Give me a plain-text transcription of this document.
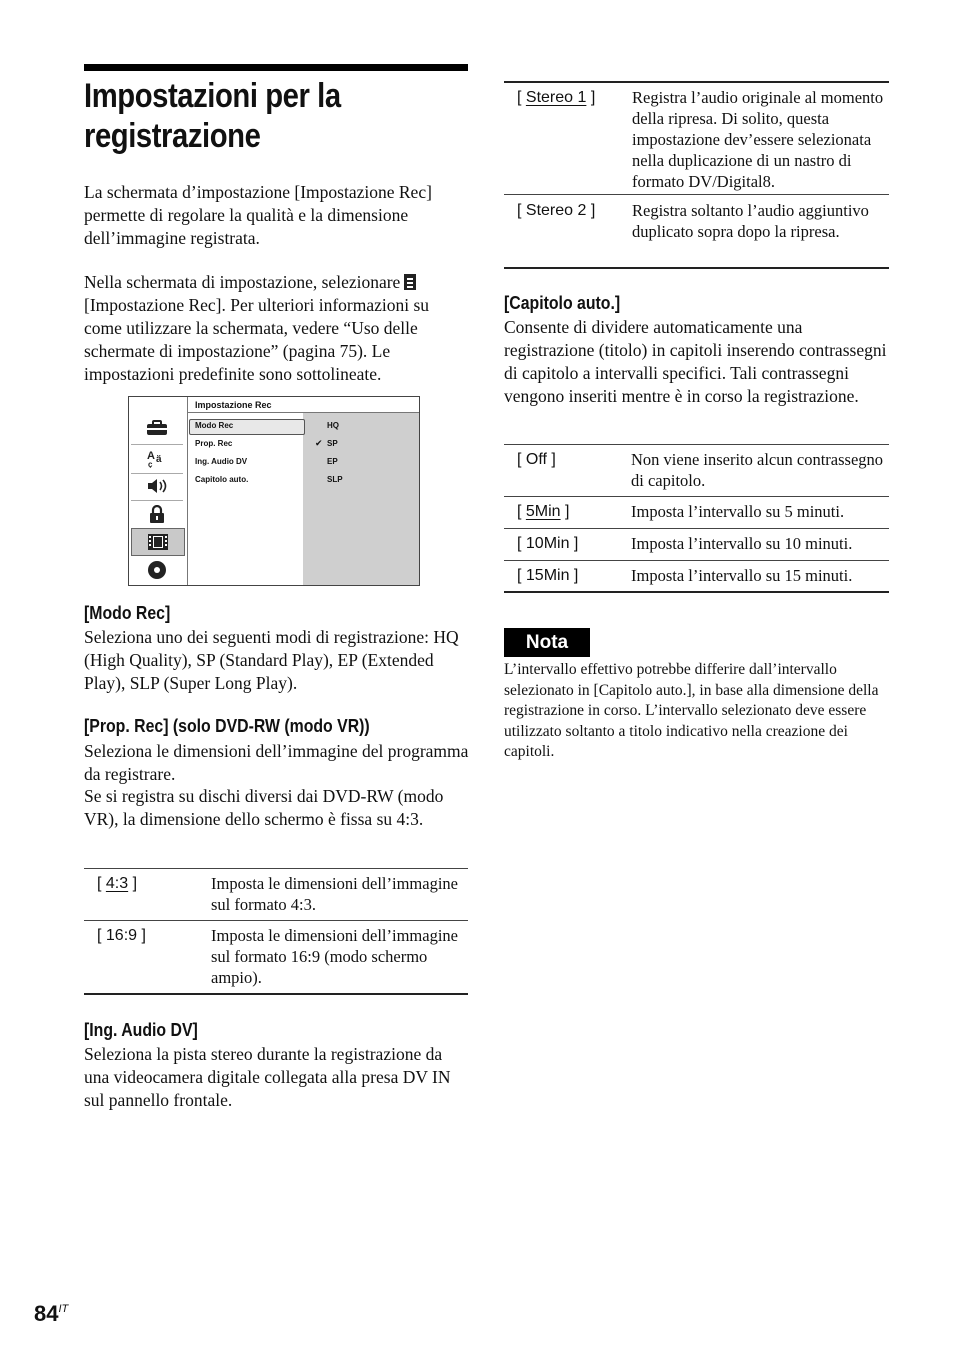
Impostazioni per la registrazione

La schermata d’impostazione [Impostazione Rec] permette di regolare la qualità e la dimensione dell’immagine registrata.

Nella schermata di impostazione, selezionare [Impostazione Rec]. Per ulteriori informazioni su come utilizzare la schermata, vedere “Uso delle schermate di impostazione” (pagina 75). Le impostazioni predefinite sono sottolineate.

A ä
ç
Impostazione Rec
Modo Rec
Prop. Rec
Ing. Audio DV
Capitolo auto.
✔
HQ
SP
EP
SLP
[Modo Rec]

Seleziona uno dei seguenti modi di registrazione: HQ (High Quality), SP (Standard Play), EP (Extended Play), SLP (Super Long Play).

[Prop. Rec] (solo DVD-RW (modo VR))

Seleziona le dimensioni dell’immagine del programma da registrare.

Se si registra su dischi diversi dai DVD-RW (modo VR), la dimensione dello schermo è fissa su 4:3.

[ 4:3 ]	Imposta le dimensioni dell’immagine sul formato 4:3.
[ 16:9 ]	Imposta le dimensioni dell’immagine sul formato 16:9 (modo schermo ampio).
[Ing. Audio DV]

Seleziona la pista stereo durante la registrazione da una videocamera digitale collegata alla presa DV IN sul pannello frontale.

[ Stereo 1 ] Registra l’audio originale al momento della ripresa. Di solito, questa impostazione dev’essere selezionata nella duplicazione di un nastro di formato DV/Digital8.
[ Stereo 2 ] Registra soltanto l’audio aggiuntivo duplicato sopra dopo la ripresa.
[Capitolo auto.]

Consente di dividere automaticamente una registrazione (titolo) in capitoli inserendo contrassegni di capitolo a intervalli specifici. Tali contrassegni vengono inseriti mentre è in corso la registrazione.

[ Off ]	Non viene inserito alcun contrassegno di capitolo.
[ 5Min ]	Imposta l’intervallo su 5 minuti.
[ 10Min ]	Imposta l’intervallo su 10 minuti.
[ 15Min ]	Imposta l’intervallo su 15 minuti.
Nota

L’intervallo effettivo potrebbe differire dall’intervallo selezionato in [Capitolo auto.], in base alla dimensione della registrazione in corso. L’intervallo selezionato deve essere utilizzato soltanto a titolo indicativo nella creazione dei capitoli.

$84^{IT}$
